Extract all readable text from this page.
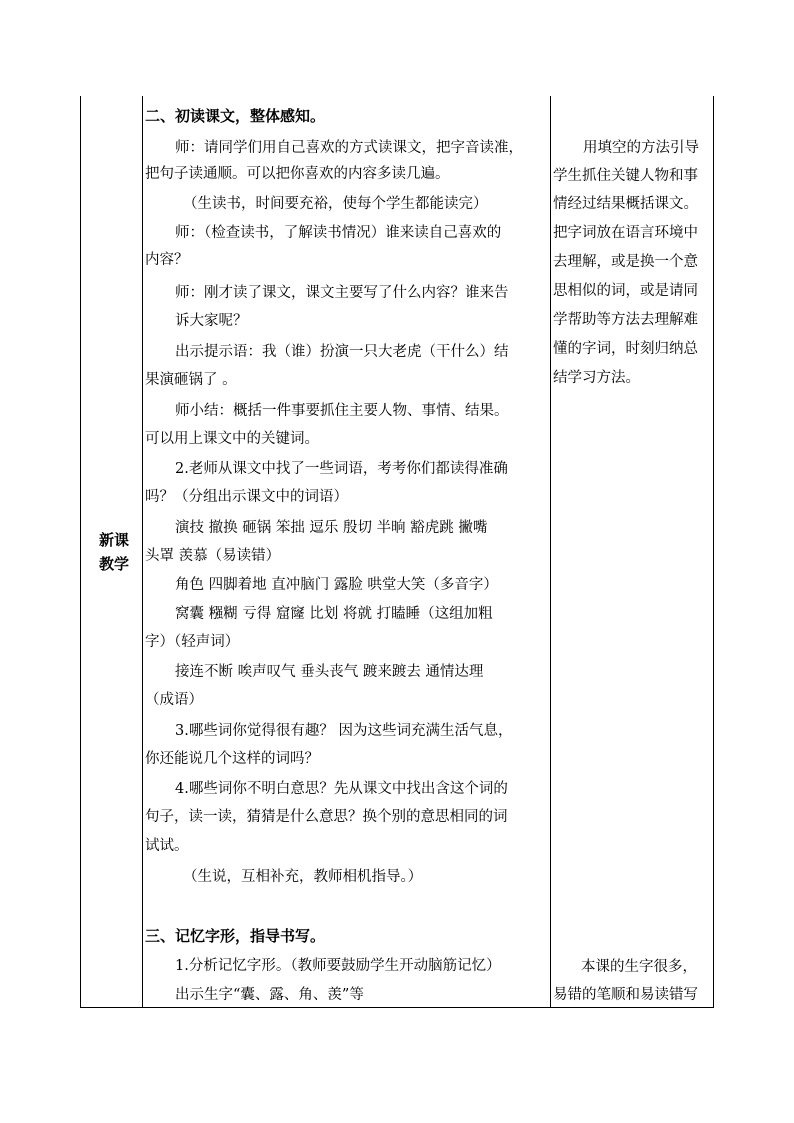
新课
教学
二、初读课文，整体感知。
师：请同学们用自己喜欢的方式读课文，把字音读准，
把句子读通顺。可以把你喜欢的内容多读几遍。
（生读书，时间要充裕，使每个学生都能读完）
师：（检查读书，了解读书情况）谁来读自己喜欢的
内容？
师：刚才读了课文，课文主要写了什么内容？谁来告
诉大家呢？
出示提示语：我（谁）扮演一只大老虎（干什么）结
果演砸锅了 。
师小结：概括一件事要抓住主要人物、事情、结果。
可以用上课文中的关键词。
2.老师从课文中找了一些词语，考考你们都读得准确
吗？（分组出示课文中的词语）
演技 撤换 砸锅 笨拙 逗乐 殷切 半晌 豁虎跳 撇嘴
头罩 羡慕（易读错）
角色 四脚着地 直冲脑门 露脸 哄堂大笑（多音字）
窝囊 糨糊 亏得 窟窿 比划 将就 打瞌睡（这组加粗
字）（轻声词）
接连不断 唉声叹气 垂头丧气 踱来踱去 通情达理
（成语）
3.哪些词你觉得很有趣？ 因为这些词充满生活气息，
你还能说几个这样的词吗？
4.哪些词你不明白意思？先从课文中找出含这个词的
句子，读一读，猜猜是什么意思？换个别的意思相同的词
试试。
（生说，互相补充，教师相机指导。）
三、记忆字形，指导书写。
1.分析记忆字形。（教师要鼓励学生开动脑筋记忆）
出示生字“囊、露、角、羡”等
用填空的方法引导
学生抓住关键人物和事
情经过结果概括课文。
把字词放在语言环境中
去理解，或是换一个意
思相似的词，或是请同
学帮助等方法去理解难
懂的字词，时刻归纳总
结学习方法。
本课的生字很多，
易错的笔顺和易读错写
